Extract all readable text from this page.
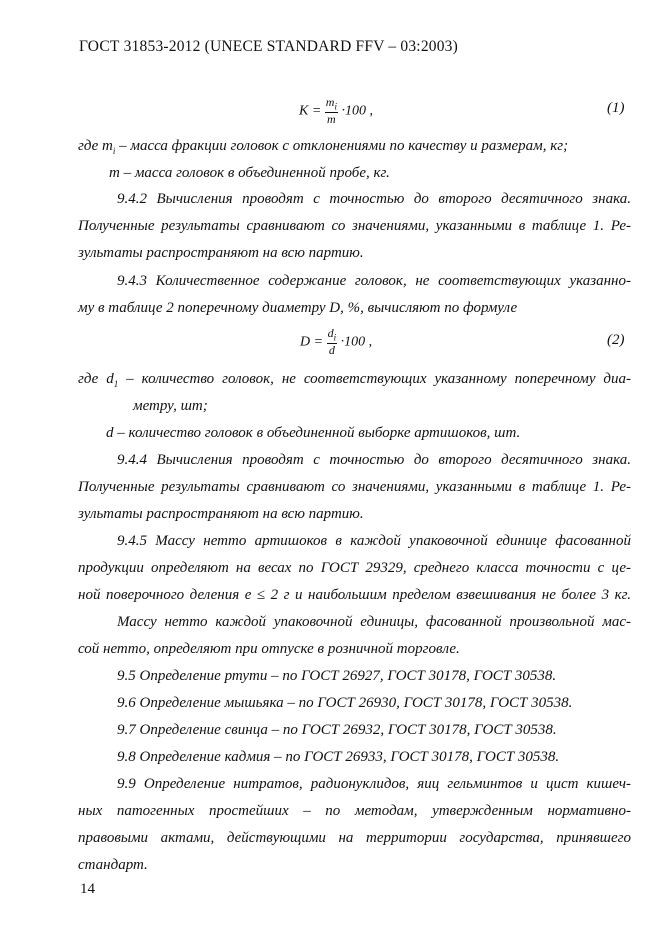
ГОСТ 31853-2012 (UNECE STANDARD FFV – 03:2003)
$K = \frac{m_i}{m} \cdot 100$ ,	(1)
где $m_i$ – масса фракции головок с отклонениями по качеству и размерам, кг;
m – масса головок в объединенной пробе, кг.
9.4.2 Вычисления проводят с точностью до второго десятичного знака.
Полученные результаты сравнивают со значениями, указанными в таблице 1. Ре-
зультаты распространяют на всю партию.
9.4.3 Количественное содержание головок, не соответствующих указанно-
му в таблице 2 поперечному диаметру D, %, вычисляют по формуле
$D = \frac{d_i}{d} \cdot 100$ ,	(2)
где $d_1$ – количество головок, не соответствующих указанному поперечному диа-
метру, шт;
d – количество головок в объединенной выборке артишоков, шт.
9.4.4 Вычисления проводят с точностью до второго десятичного знака.
Полученные результаты сравнивают со значениями, указанными в таблице 1. Ре-
зультаты распространяют на всю партию.
9.4.5 Массу нетто артишоков в каждой упаковочной единице фасованной
продукции определяют на весах по ГОСТ 29329, среднего класса точности с це-
ной поверочного деления е ≤ 2 г и наибольшим пределом взвешивания не более 3 кг.
Массу нетто каждой упаковочной единицы, фасованной произвольной мас-
сой нетто, определяют при отпуске в розничной торговле.
9.5 Определение ртути – по ГОСТ 26927, ГОСТ 30178, ГОСТ 30538.
9.6 Определение мышьяка – по ГОСТ 26930, ГОСТ 30178, ГОСТ 30538.
9.7 Определение свинца – по ГОСТ 26932, ГОСТ 30178, ГОСТ 30538.
9.8 Определение кадмия – по ГОСТ 26933, ГОСТ 30178, ГОСТ 30538.
9.9 Определение нитратов, радионуклидов, яиц гельминтов и цист кишеч-
ных патогенных простейших – по методам, утвержденным нормативно-
правовыми актами, действующими на территории государства, принявшего
стандарт.
14
